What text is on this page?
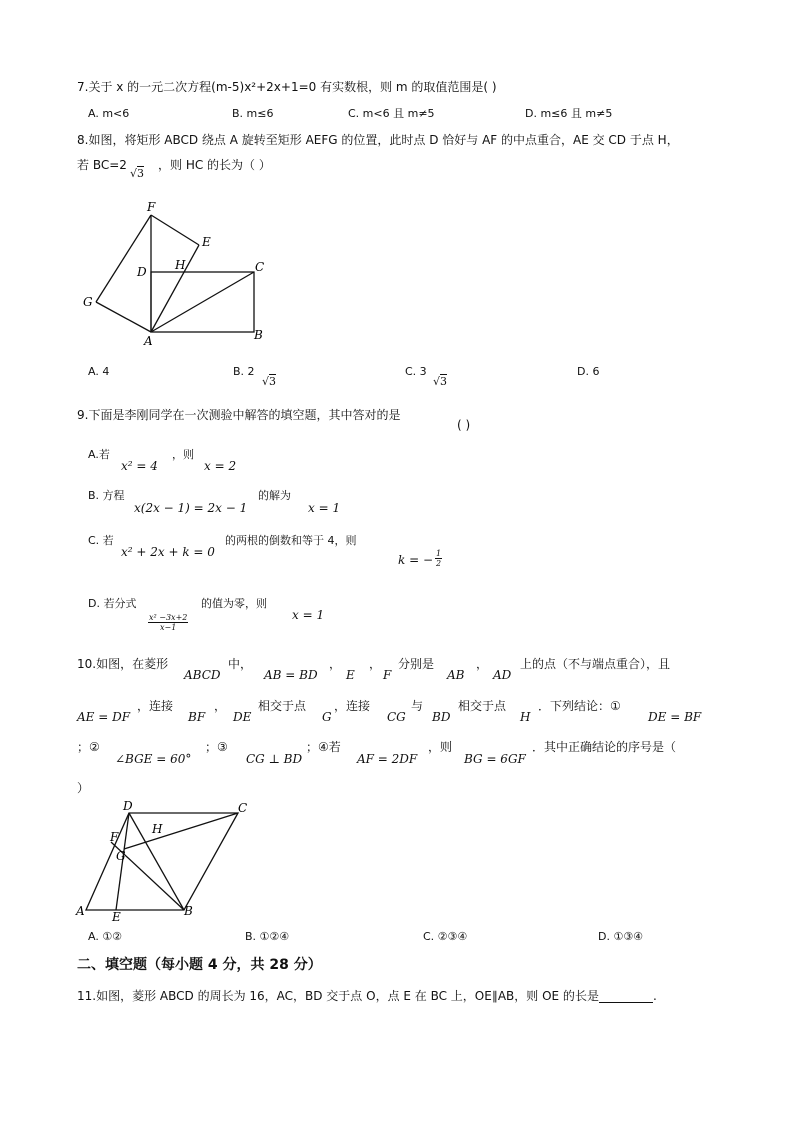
7.关于 x 的一元二次方程(m-5)x²+2x+1=0 有实数根，则 m 的取值范围是( )
A. m<6	B. m≤6	C. m<6 且 m≠5	D. m≤6 且 m≠5
8.如图，将矩形 ABCD 绕点 A 旋转至矩形 AEFG 的位置，此时点 D 恰好与 AF 的中点重合，AE 交 CD 于点 H，
若 BC=2
√3
，则 HC 的长为（ ）
F
E
D H	C
G
A	B
A. 4	B. 2
√3
C. 3
√3
D. 6
9.下面是李刚同学在一次测验中解答的填空题，其中答对的是
( )
A.若
x² = 4
，则
x = 2
B. 方程
x(2x − 1) = 2x − 1
的解为
x = 1
C. 若
x² + 2x + k = 0
的两根的倒数和等于 4，则
k = − $\frac{1}{2}$
D. 若分式
$\frac{\text{x² −3x+2}}{x-1}$
的值为零，则
x = 1
10.如图，在菱形
ABCD
中，
AB = BD
，
E
，
F
分别是
AB
，
AD
上的点（不与端点重合），且
AE = DF
，连接
BF
，
DE
相交于点
G
，连接
CG
与
BD
相交于点
H
．下列结论：①
DE = BF
；②
∠BGE = 60°
；③
CG ⊥ BD
；④若
AF = 2DF
，则
BG = 6GF
．其中正确结论的序号是（
）
D	C
F
H
G
A E	B
A. ①②	B. ①②④	C. ②③④	D. ①③④
二、填空题（每小题 4 分，共 28 分）
11.如图，菱形 ABCD 的周长为 16，AC，BD 交于点 O，点 E 在 BC 上，OE∥AB，则 OE 的长是	.
